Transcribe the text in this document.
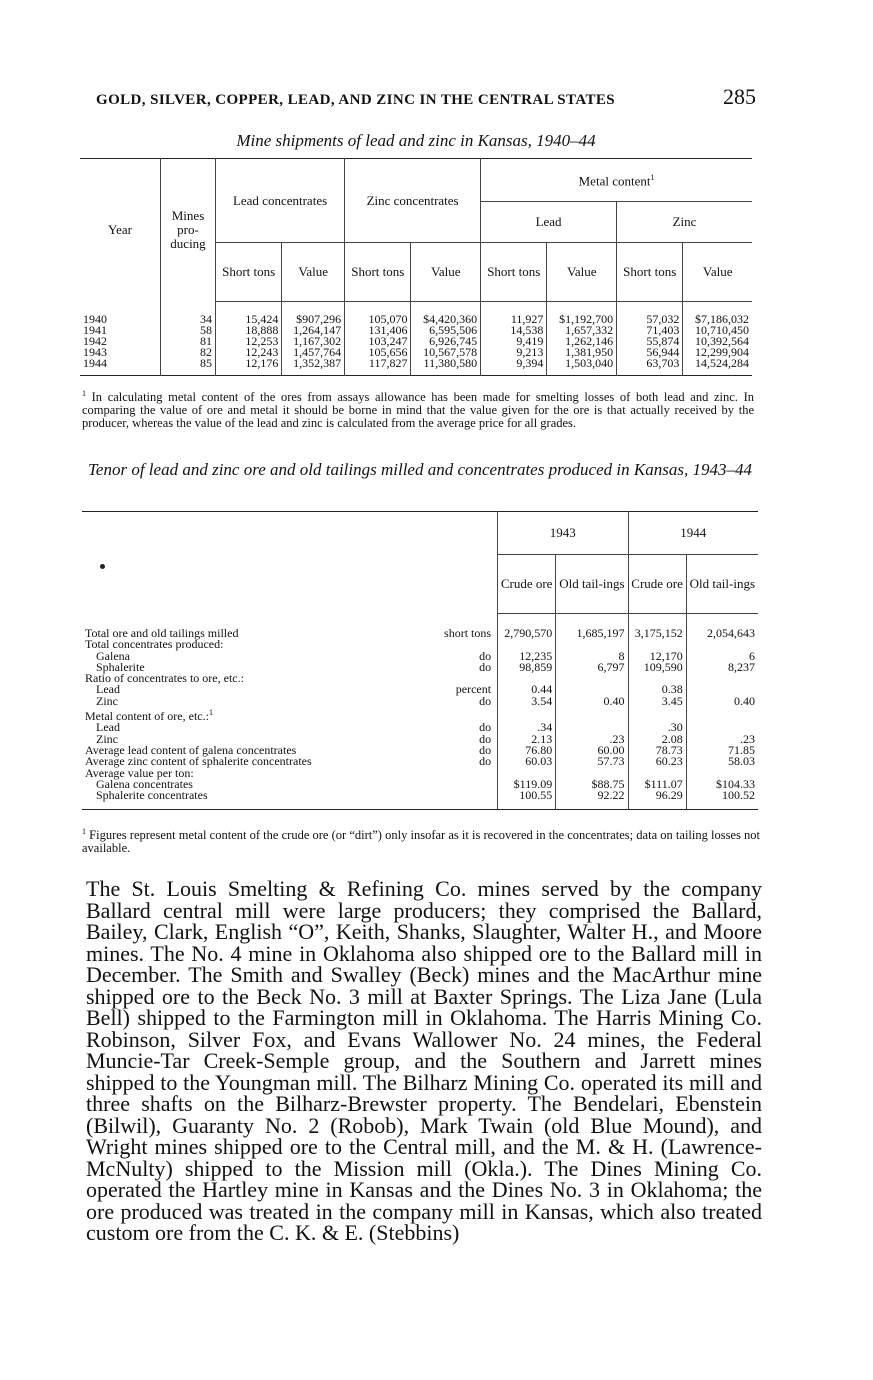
GOLD, SILVER, COPPER, LEAD, AND ZINC IN THE CENTRAL STATES	285
Mine shipments of lead and zinc in Kansas, 1940–44
Year	Mines pro-ducing	Lead concentrates		Zinc concentrates		Metal content$^1$
						Lead		Zinc	
		Short tons	Value	Short tons	Value	Short tons	Value	Short tons	Value
1940	34	15,424	$907,296	105,070	$4,420,360	11,927	$1,192,700	57,032	$7,186,032
1941	58	18,888	1,264,147	131,406	6,595,506	14,538	1,657,332	71,403	10,710,450
1942	81	12,253	1,167,302	103,247	6,926,745	9,419	1,262,146	55,874	10,392,564
1943	82	12,243	1,457,764	105,656	10,567,578	9,213	1,381,950	56,944	12,299,904
1944	85	12,176	1,352,387	117,827	11,380,580	9,394	1,503,040	63,703	14,524,284
$^1$ In calculating metal content of the ores from assays allowance has been made for smelting losses of both lead and zinc. In comparing the value of ore and metal it should be borne in mind that the value given for the ore is that actually received by the producer, whereas the value of the lead and zinc is calculated from the average price for all grades.
Tenor of lead and zinc ore and old tailings milled and concentrates produced in Kansas, 1943–44
		1943		1944	
		Crude ore	Old tail-ings	Crude ore	Old tail-ings
Total ore and old tailings milled	short tons	2,790,570	1,685,197	3,175,152	2,054,643
Total concentrates produced:					
Galena	do	12,235	8	12,170	6
Sphalerite	do	98,859	6,797	109,590	8,237
Ratio of concentrates to ore, etc.:					
Lead	percent	0.44		0.38	
Zinc	do	3.54	0.40	3.45	0.40
Metal content of ore, etc.:$^1$					
Lead	do	.34		.30	
Zinc	do	2.13	.23	2.08	.23
Average lead content of galena concentrates	do	76.80	60.00	78.73	71.85
Average zinc content of sphalerite concentrates	do	60.03	57.73	60.23	58.03
Average value per ton:					
Galena concentrates		$119.09	$88.75	$111.07	$104.33
Sphalerite concentrates		100.55	92.22	96.29	100.52
$^1$ Figures represent metal content of the crude ore (or “dirt”) only insofar as it is recovered in the concentrates; data on tailing losses not available.
The St. Louis Smelting & Refining Co. mines served by the company Ballard central mill were large producers; they comprised the Ballard, Bailey, Clark, English “O”, Keith, Shanks, Slaughter, Walter H., and Moore mines. The No. 4 mine in Oklahoma also shipped ore to the Ballard mill in December. The Smith and Swalley (Beck) mines and the MacArthur mine shipped ore to the Beck No. 3 mill at Baxter Springs. The Liza Jane (Lula Bell) shipped to the Farmington mill in Oklahoma. The Harris Mining Co. Robinson, Silver Fox, and Evans Wallower No. 24 mines, the Federal Muncie-Tar Creek-Semple group, and the Southern and Jarrett mines shipped to the Youngman mill. The Bilharz Mining Co. operated its mill and three shafts on the Bilharz-Brewster property. The Bendelari, Ebenstein (Bilwil), Guaranty No. 2 (Robob), Mark Twain (old Blue Mound), and Wright mines shipped ore to the Central mill, and the M. & H. (Lawrence-McNulty) shipped to the Mission mill (Okla.). The Dines Mining Co. operated the Hartley mine in Kansas and the Dines No. 3 in Oklahoma; the ore produced was treated in the company mill in Kansas, which also treated custom ore from the C. K. & E. (Stebbins)
